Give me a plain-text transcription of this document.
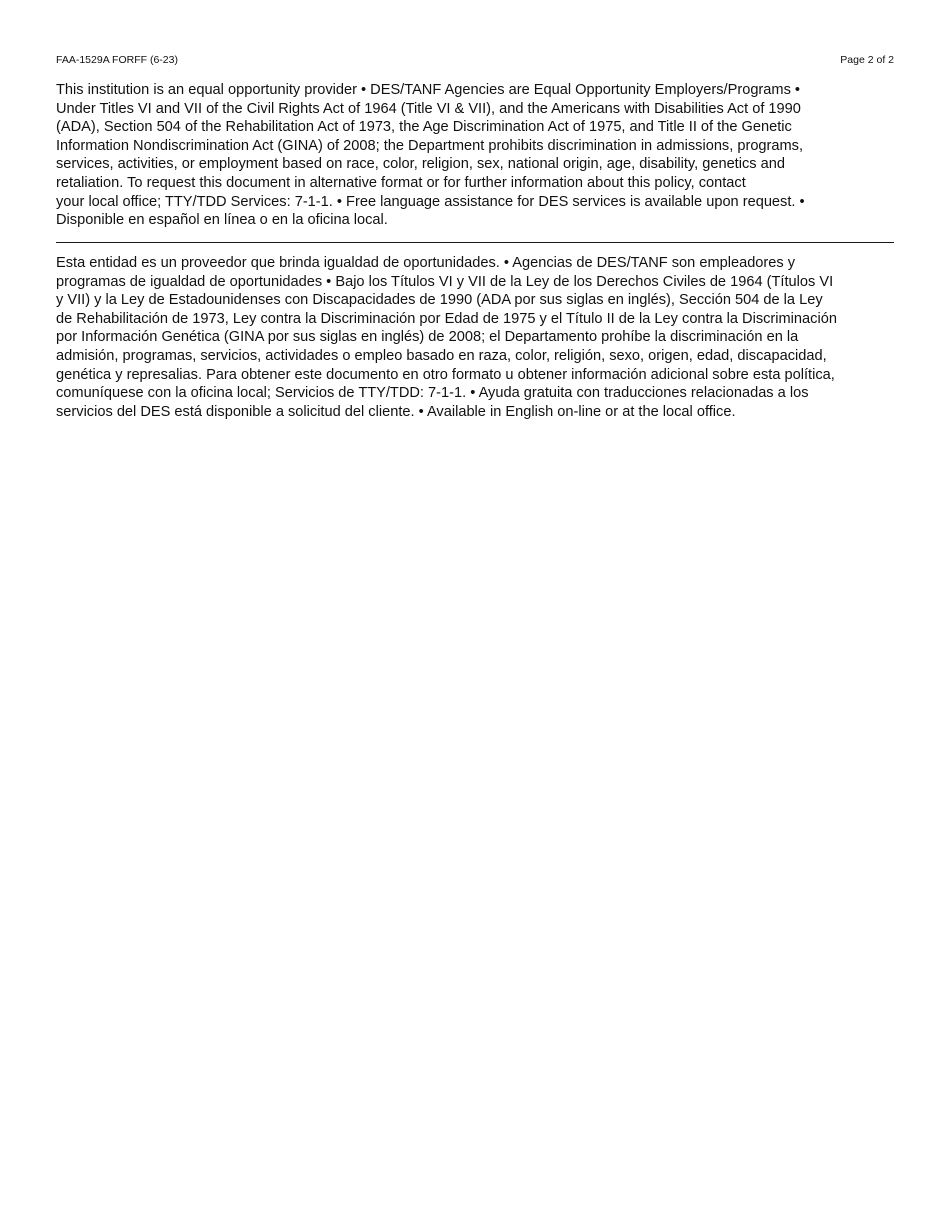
FAA-1529A FORFF (6-23)	Page 2 of 2

This institution is an equal opportunity provider • DES/TANF Agencies are Equal Opportunity Employers/Programs •
Under Titles VI and VII of the Civil Rights Act of 1964 (Title VI & VII), and the Americans with Disabilities Act of 1990
(ADA), Section 504 of the Rehabilitation Act of 1973, the Age Discrimination Act of 1975, and Title II of the Genetic
Information Nondiscrimination Act (GINA) of 2008; the Department prohibits discrimination in admissions, programs,
services, activities, or employment based on race, color, religion, sex, national origin, age, disability, genetics and
retaliation. To request this document in alternative format or for further information about this policy, contact
your local office; TTY/TDD Services: 7-1-1. • Free language assistance for DES services is available upon request. •
Disponible en español en línea o en la oficina local.

Esta entidad es un proveedor que brinda igualdad de oportunidades. • Agencias de DES/TANF son empleadores y
programas de igualdad de oportunidades • Bajo los Títulos VI y VII de la Ley de los Derechos Civiles de 1964 (Títulos VI
y VII) y la Ley de Estadounidenses con Discapacidades de 1990 (ADA por sus siglas en inglés), Sección 504 de la Ley
de Rehabilitación de 1973, Ley contra la Discriminación por Edad de 1975 y el Título II de la Ley contra la Discriminación
por Información Genética (GINA por sus siglas en inglés) de 2008; el Departamento prohíbe la discriminación en la
admisión, programas, servicios, actividades o empleo basado en raza, color, religión, sexo, origen, edad, discapacidad,
genética y represalias. Para obtener este documento en otro formato u obtener información adicional sobre esta política,
comuníquese con la oficina local; Servicios de TTY/TDD: 7-1-1. • Ayuda gratuita con traducciones relacionadas a los
servicios del DES está disponible a solicitud del cliente. • Available in English on-line or at the local office.
